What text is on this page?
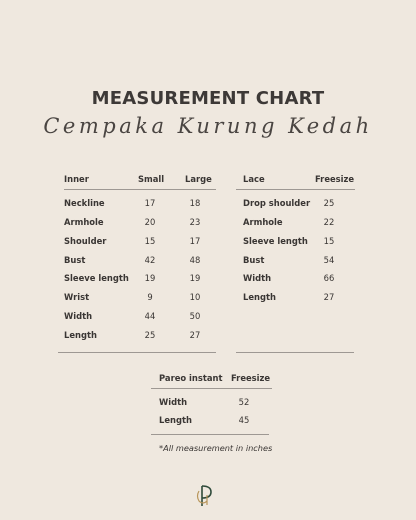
MEASUREMENT CHART
Cempaka Kurung Kedah
Inner	Small Large
Neckline	17	18
Armhole	20	23
Shoulder	15	17
Bust	42	48
Sleeve length	19	19
Wrist	9	10
Width	44	50
Length	25	27
Lace	Freesize
Drop shoulder	25
Armhole	22
Sleeve length	15
Bust	54
Width	66
Length	27
Pareo instant Freesize
Width	52
Length	45
*All measurement in inches
